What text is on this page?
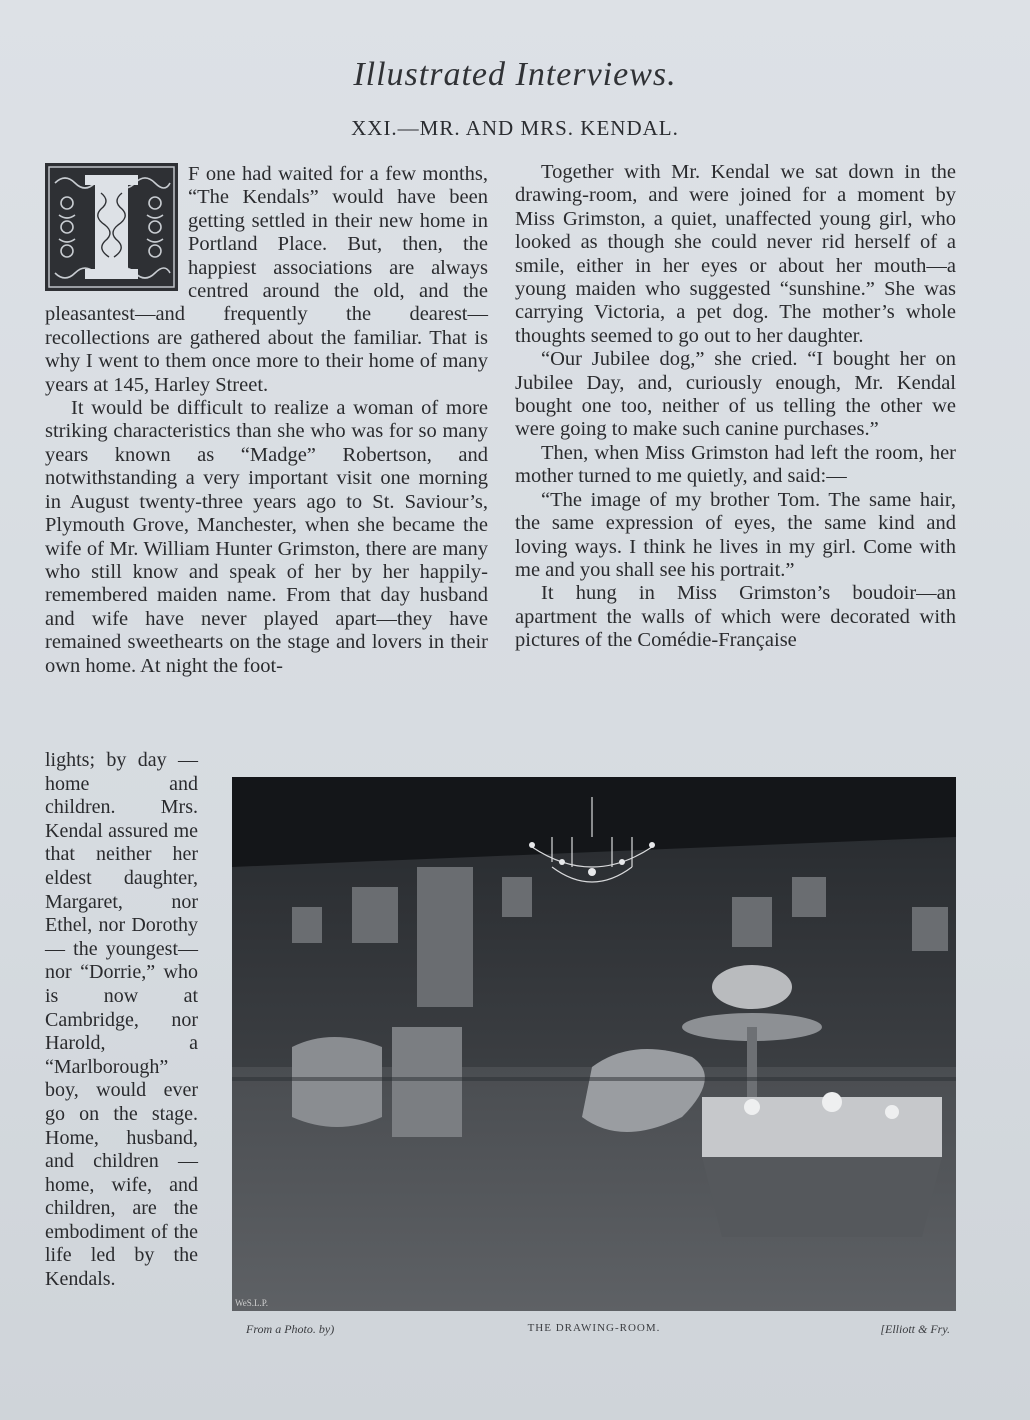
Illustrated Interviews.
XXI.—MR. AND MRS. KENDAL.

F one had waited for a few months, “The Kendals” would have been getting settled in their new home in Portland Place. But, then, the happiest associations are always centred around the old, and the pleasantest—and frequently the dearest—recollections are gathered about the familiar. That is why I went to them once more to their home of many years at 145, Harley Street.

It would be difficult to realize a woman of more striking characteristics than she who was for so many years known as “Madge” Robertson, and notwithstanding a very important visit one morning in August twenty-three years ago to St. Saviour’s, Plymouth Grove, Manchester, when she became the wife of Mr. William Hunter Grimston, there are many who still know and speak of her by her happily-remembered maiden name. From that day husband and wife have never played apart—they have remained sweethearts on the stage and lovers in their own home. At night the foot-

lights; by day — home and children. Mrs. Kendal assured me that neither her eldest daughter, Margaret, nor Ethel, nor Dorothy— the youngest— nor “Dorrie,” who is now at Cambridge, nor Harold, a “Marlborough” boy, would ever go on the stage. Home, husband, and children — home, wife, and children, are the embodiment of the life led by the Kendals.

Together with Mr. Kendal we sat down in the drawing-room, and were joined for a moment by Miss Grimston, a quiet, unaffected young girl, who looked as though she could never rid herself of a smile, either in her eyes or about her mouth—a young maiden who suggested “sunshine.” She was carrying Victoria, a pet dog. The mother’s whole thoughts seemed to go out to her daughter.

“Our Jubilee dog,” she cried. “I bought her on Jubilee Day, and, curiously enough, Mr. Kendal bought one too, neither of us telling the other we were going to make such canine purchases.”

Then, when Miss Grimston had left the room, her mother turned to me quietly, and said:—

“The image of my brother Tom. The same hair, the same expression of eyes, the same kind and loving ways. I think he lives in my girl. Come with me and you shall see his portrait.”

It hung in Miss Grimston’s boudoir—an apartment the walls of which were decorated with pictures of the Comédie-Française

WeS.L.P.
From a Photo. by)	THE DRAWING-ROOM.	[Elliott & Fry.
